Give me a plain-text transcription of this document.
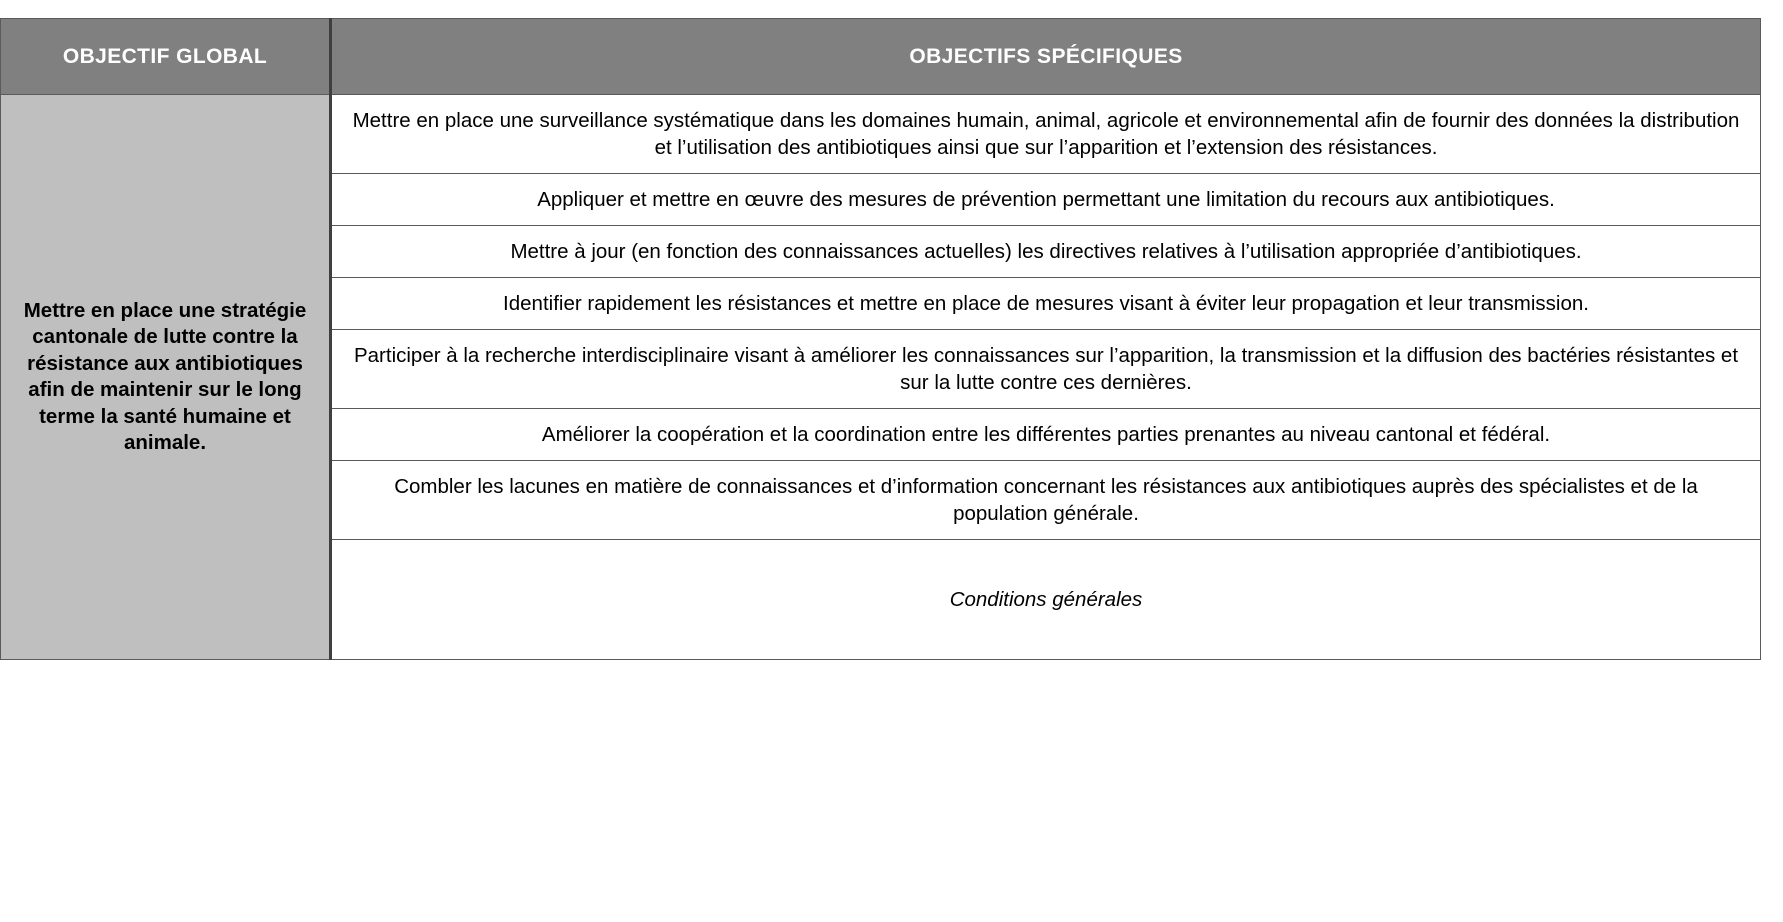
OBJECTIF GLOBAL	OBJECTIFS SPÉCIFIQUES
Mettre en place une stratégie cantonale de lutte contre la résistance aux antibiotiques afin de maintenir sur le long terme la santé humaine et animale.	Mettre en place une surveillance systématique dans les domaines humain, animal, agricole et environnemental afin de fournir des données la distribution et l’utilisation des antibiotiques ainsi que sur l’apparition et l’extension des résistances.
	Appliquer et mettre en œuvre des mesures de prévention permettant une limitation du recours aux antibiotiques.
	Mettre à jour (en fonction des connaissances actuelles) les directives relatives à l’utilisation appropriée d’antibiotiques.
	Identifier rapidement les résistances et mettre en place de mesures visant à éviter leur propagation et leur transmission.
	Participer à la recherche interdisciplinaire visant à améliorer les connaissances sur l’apparition, la transmission et la diffusion des bactéries résistantes et sur la lutte contre ces dernières.
	Améliorer la coopération et la coordination entre les différentes parties prenantes au niveau cantonal et fédéral.
	Combler les lacunes en matière de connaissances et d’information concernant les résistances aux antibiotiques auprès des spécialistes et de la population générale.
	Conditions générales
